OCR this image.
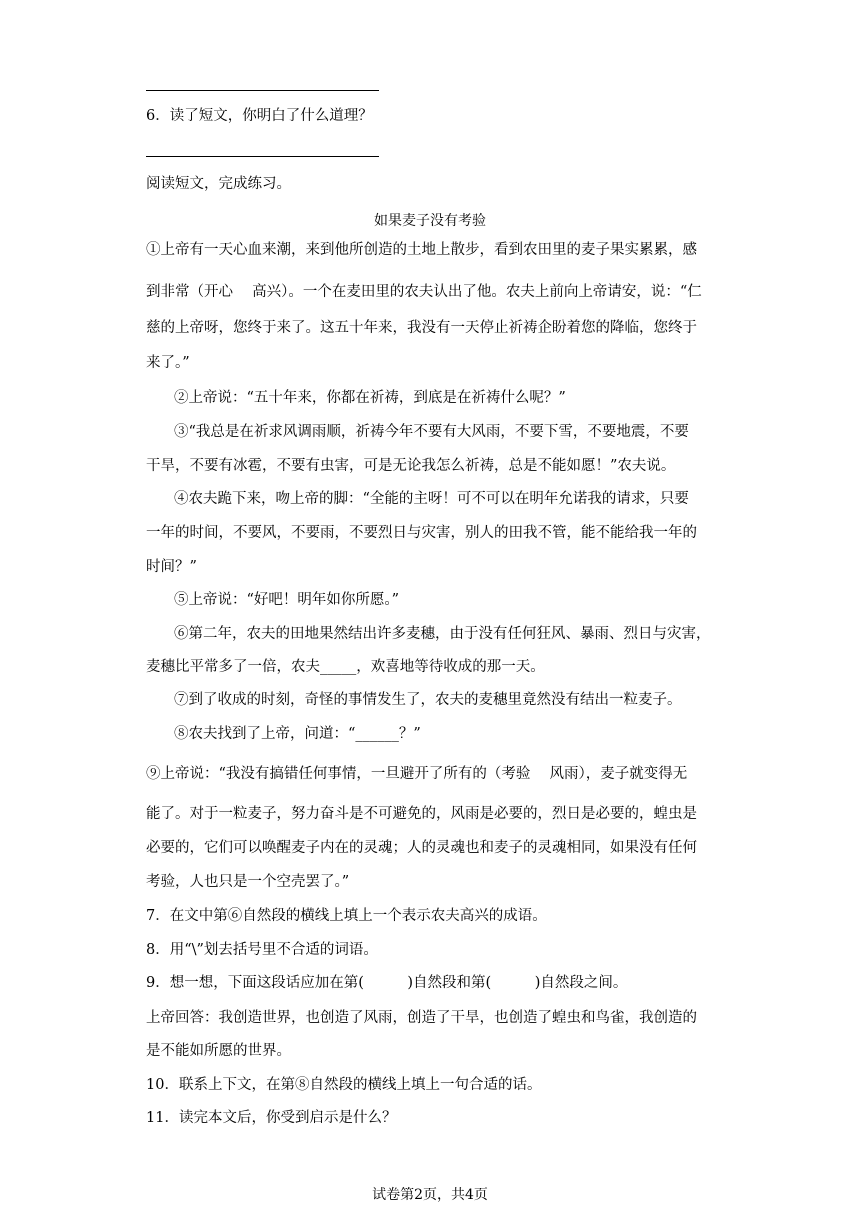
6．读了短文，你明白了什么道理？
阅读短文，完成练习。
如果麦子没有考验
①上帝有一天心血来潮，来到他所创造的土地上散步，看到农田里的麦子果实累累，感
到非常（开心　 高兴）。一个在麦田里的农夫认出了他。农夫上前向上帝请安，说：“仁
慈的上帝呀，您终于来了。这五十年来，我没有一天停止祈祷企盼着您的降临，您终于
来了。”
②上帝说：“五十年来，你都在祈祷，到底是在祈祷什么呢？”
③“我总是在祈求风调雨顺，祈祷今年不要有大风雨，不要下雪，不要地震，不要
干旱，不要有冰雹，不要有虫害，可是无论我怎么祈祷，总是不能如愿！”农夫说。
④农夫跪下来，吻上帝的脚：“全能的主呀！可不可以在明年允诺我的请求，只要
一年的时间，不要风，不要雨，不要烈日与灾害，别人的田我不管，能不能给我一年的
时间？”
⑤上帝说：“好吧！明年如你所愿。”
⑥第二年，农夫的田地果然结出许多麦穗，由于没有任何狂风、暴雨、烈日与灾害，
麦穗比平常多了一倍，农夫_____，欢喜地等待收成的那一天。
⑦到了收成的时刻，奇怪的事情发生了，农夫的麦穗里竟然没有结出一粒麦子。
⑧农夫找到了上帝，问道：“______？”
⑨上帝说：“我没有搞错任何事情，一旦避开了所有的（考验　 风雨），麦子就变得无
能了。对于一粒麦子，努力奋斗是不可避免的，风雨是必要的，烈日是必要的，蝗虫是
必要的，它们可以唤醒麦子内在的灵魂；人的灵魂也和麦子的灵魂相同，如果没有任何
考验，人也只是一个空壳罢了。”
7．在文中第⑥自然段的横线上填上一个表示农夫高兴的成语。
8．用“\”划去括号里不合适的词语。
9．想一想，下面这段话应加在第(　　　)自然段和第(　　　)自然段之间。
上帝回答：我创造世界，也创造了风雨，创造了干旱，也创造了蝗虫和鸟雀，我创造的
是不能如所愿的世界。
10．联系上下文，在第⑧自然段的横线上填上一句合适的话。
11．读完本文后，你受到启示是什么？
试卷第2页，共4页
